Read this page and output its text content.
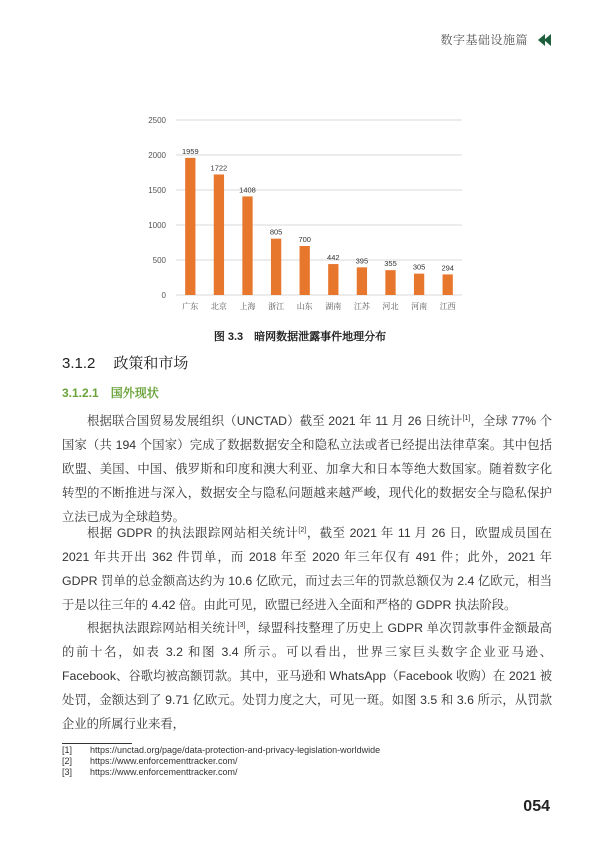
数字基础设施篇
0
500
1000
1500
2000
2500
1959
广东
1722
北京
1408
上海
805
浙江
700
山东
442
湖南
395
江苏
355
河北
305
河南
294
江西
图 3.3　暗网数据泄露事件地理分布
3.1.2 政策和市场
3.1.2.1 国外现状

根据联合国贸易发展组织（UNCTAD）截至 2021 年 11 月 26 日统计[1]，全球 77% 个国家（共 194 个国家）完成了数据数据安全和隐私立法或者已经提出法律草案。其中包括欧盟、美国、中国、俄罗斯和印度和澳大利亚、加拿大和日本等绝大数国家。随着数字化转型的不断推进与深入，数据安全与隐私问题越来越严峻，现代化的数据安全与隐私保护立法已成为全球趋势。

根据 GDPR 的执法跟踪网站相关统计[2]，截至 2021 年 11 月 26 日，欧盟成员国在 2021 年共开出 362 件罚单，而 2018 年至 2020 年三年仅有 491 件；此外，2021 年 GDPR 罚单的总金额高达约为 10.6 亿欧元，而过去三年的罚款总额仅为 2.4 亿欧元，相当于是以往三年的 4.42 倍。由此可见，欧盟已经进入全面和严格的 GDPR 执法阶段。

根据执法跟踪网站相关统计[3]，绿盟科技整理了历史上 GDPR 单次罚款事件金额最高的前十名，如表 3.2 和图 3.4 所示。可以看出，世界三家巨头数字企业亚马逊、Facebook、谷歌均被高额罚款。其中，亚马逊和 WhatsApp（Facebook 收购）在 2021 被处罚，金额达到了 9.71 亿欧元。处罚力度之大，可见一斑。如图 3.5 和 3.6 所示，从罚款企业的所属行业来看，

[1]	https://unctad.org/page/data-protection-and-privacy-legislation-worldwide
[2]	https://www.enforcementtracker.com/
[3]	https://www.enforcementtracker.com/
054
